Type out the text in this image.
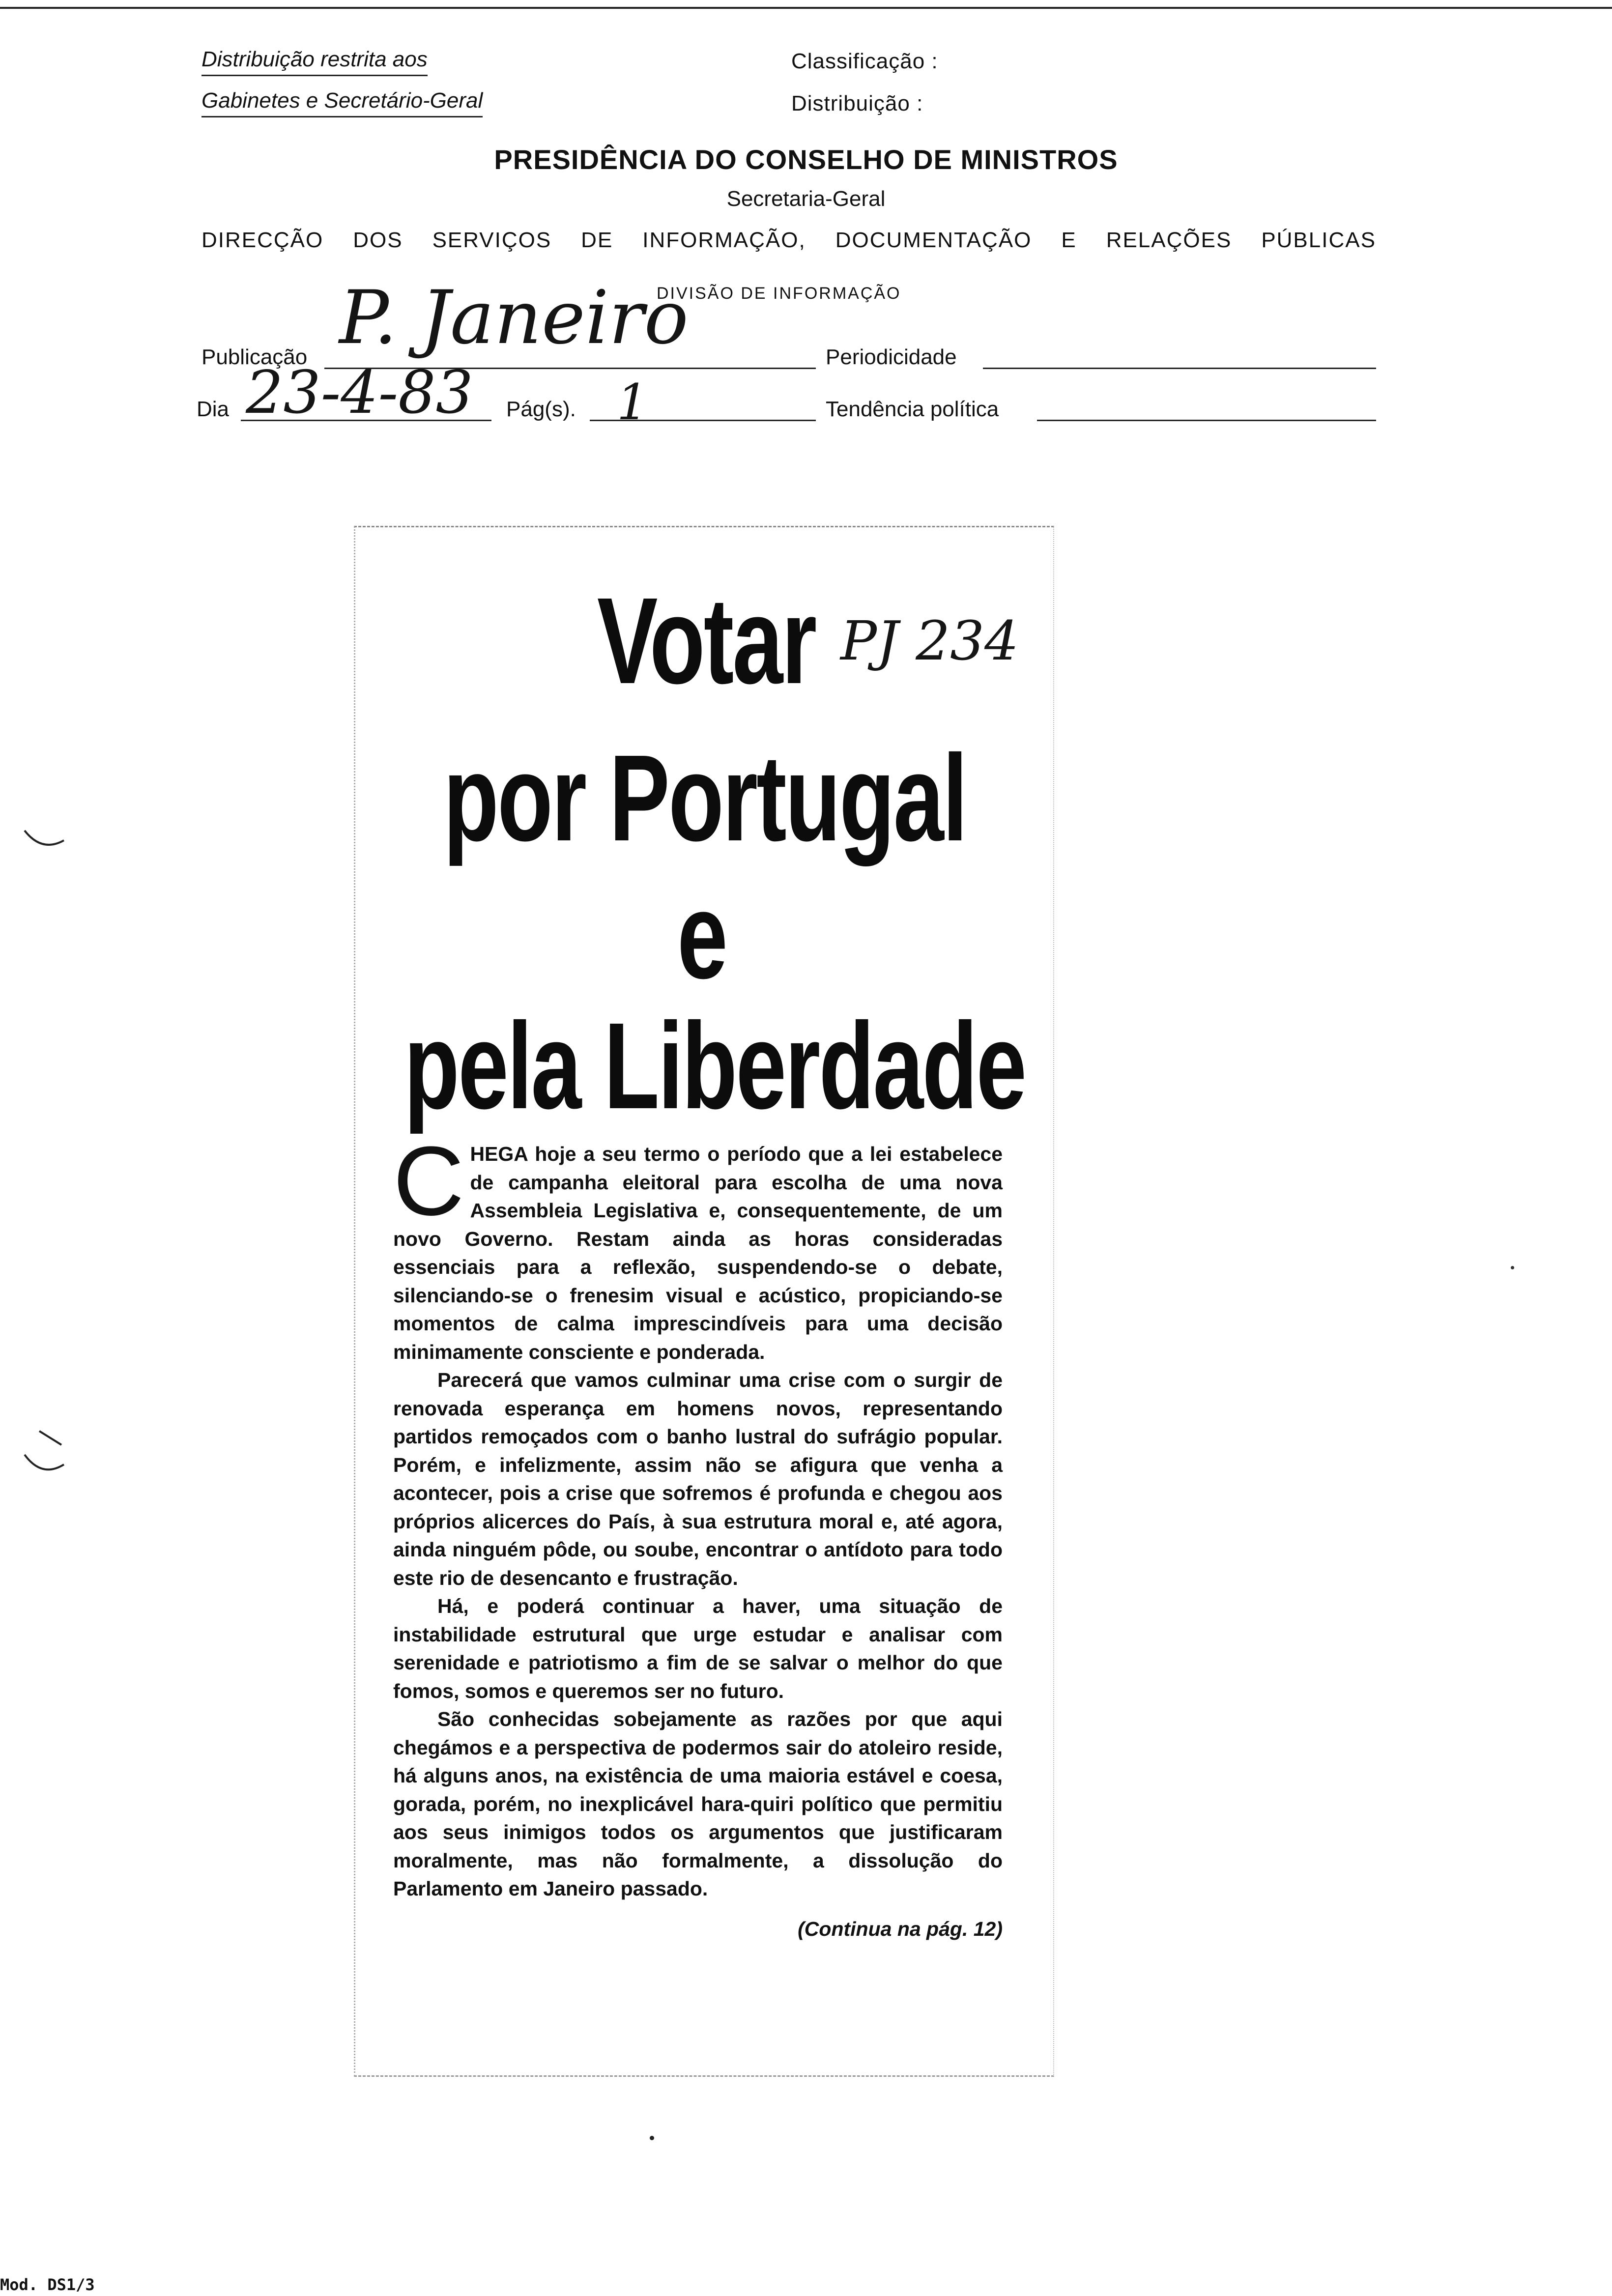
Distribuição restrita aos
Gabinetes e Secretário-Geral
Classificação :
Distribuição :
PRESIDÊNCIA DO CONSELHO DE MINISTROS
Secretaria-Geral
DIRECÇÃO DOS SERVIÇOS DE INFORMAÇÃO, DOCUMENTAÇÃO E RELAÇÕES PÚBLICAS
DIVISÃO DE INFORMAÇÃO
Publicação P. Janeiro	Periodicidade
Dia 23-4-83 Pág(s). 1	Tendência política
Votar PJ 234
por Portugal
e
pela Liberdade
C HEGA hoje a seu termo o período que a lei estabelece de campanha eleitoral para escolha de uma nova Assembleia Legislativa e, consequentemente, de um novo Governo. Restam ainda as horas consideradas essenciais para a reflexão, suspendendo-se o debate, silenciando-se o frenesim visual e acústico, propiciando-se momentos de calma imprescindíveis para uma decisão minimamente consciente e ponderada.

Parecerá que vamos culminar uma crise com o surgir de renovada esperança em homens novos, representando partidos remoçados com o banho lustral do sufrágio popular. Porém, e infelizmente, assim não se afigura que venha a acontecer, pois a crise que sofremos é profunda e chegou aos próprios alicerces do País, à sua estrutura moral e, até agora, ainda ninguém pôde, ou soube, encontrar o antídoto para todo este rio de desencanto e frustração.

Há, e poderá continuar a haver, uma situação de instabilidade estrutural que urge estudar e analisar com serenidade e patriotismo a fim de se salvar o melhor do que fomos, somos e queremos ser no futuro.

São conhecidas sobejamente as razões por que aqui chegámos e a perspectiva de podermos sair do atoleiro reside, há alguns anos, na existência de uma maioria estável e coesa, gorada, porém, no inexplicável hara-quiri político que permitiu aos seus inimigos todos os argumentos que justificaram moralmente, mas não formalmente, a dissolução do Parlamento em Janeiro passado.

(Continua na pág. 12)
Mod. DS1/3
